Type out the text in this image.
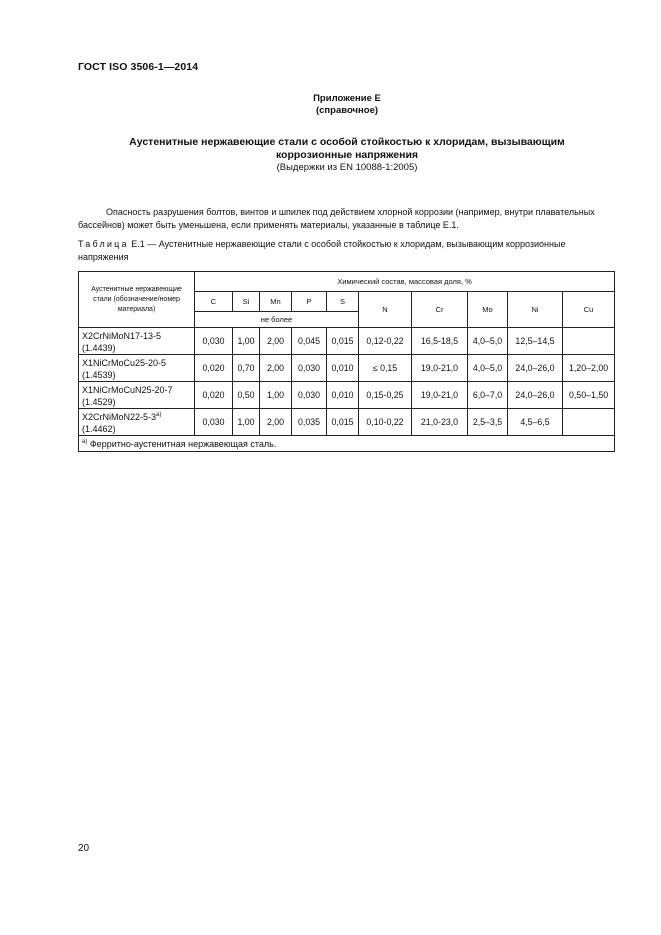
ГОСТ ISO 3506-1—2014
Приложение Е
(справочное)
Аустенитные нержавеющие стали с особой стойкостью к хлоридам, вызывающим
коррозионные напряжения
(Выдержки из EN 10088-1:2005)
Опасность разрушения болтов, винтов и шпилек под действием хлорной коррозии (например, внутри плавательных бассейнов) может быть уменьшена, если применять материалы, указанные в таблице Е.1.
Таблица Е.1 — Аустенитные нержавеющие стали с особой стойкостью к хлоридам, вызывающим коррозионные напряжения
Аустенитные нержавеющие стали (обозначение/номер материала)	Химический состав, массовая доля, %									
	C	Si	Mn	P	S	N	Cr	Mo	Ni	Cu
	не более									
X2CrNiMoN17-13-5
(1.4439)	0,030	1,00	2,00	0,045	0,015	0,12-0,22	16,5-18,5	4,0–5,0	12,5–14,5	
X1NiCrMoCu25-20-5
(1.4539)	0,020	0,70	2,00	0,030	0,010	≤ 0,15	19,0-21,0	4,0–5,0	24,0–26,0	1,20–2,00
X1NiCrMoCuN25-20-7
(1.4529)	0,020	0,50	1,00	0,030	0,010	0,15-0,25	19,0-21,0	6,0–7,0	24,0–26,0	0,50–1,50
X2CrNiMoN22-5-3$^{a)}$
(1.4462)	0,030	1,00	2,00	0,035	0,015	0,10-0,22	21,0-23,0	2,5–3,5	4,5–6,5	
$^{a)}$ Ферритно-аустенитная нержавеющая сталь.										
20
